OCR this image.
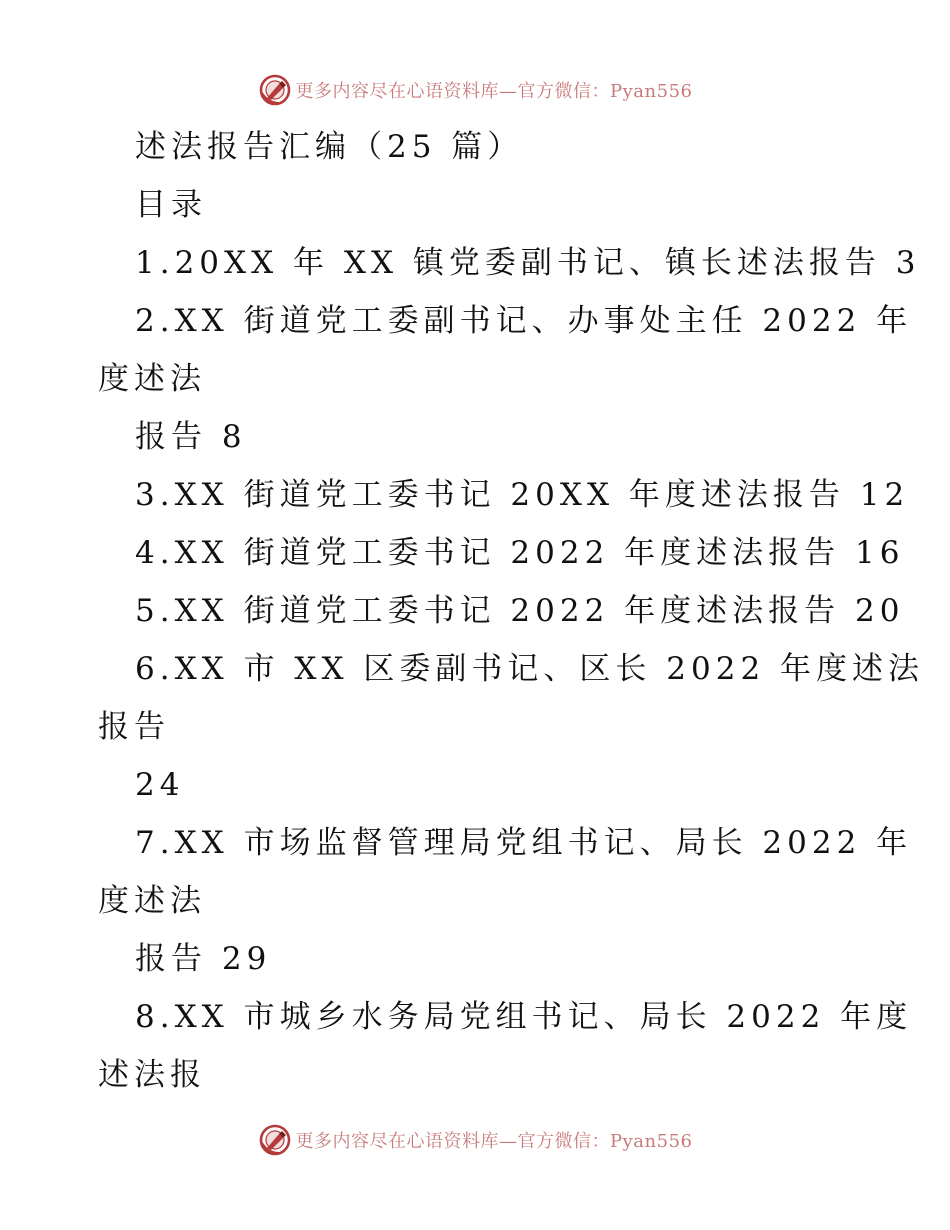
更多内容尽在心语资料库—官方微信：Pyan556
述法报告汇编（25 篇）
目录
1.20XX 年 XX 镇党委副书记、镇长述法报告 3
2.XX 街道党工委副书记、办事处主任 2022 年
度述法
报告 8
3.XX 街道党工委书记 20XX 年度述法报告 12
4.XX 街道党工委书记 2022 年度述法报告 16
5.XX 街道党工委书记 2022 年度述法报告 20
6.XX 市 XX 区委副书记、区长 2022 年度述法
报告
24
7.XX 市场监督管理局党组书记、局长 2022 年
度述法
报告 29
8.XX 市城乡水务局党组书记、局长 2022 年度
述法报
更多内容尽在心语资料库—官方微信：Pyan556
